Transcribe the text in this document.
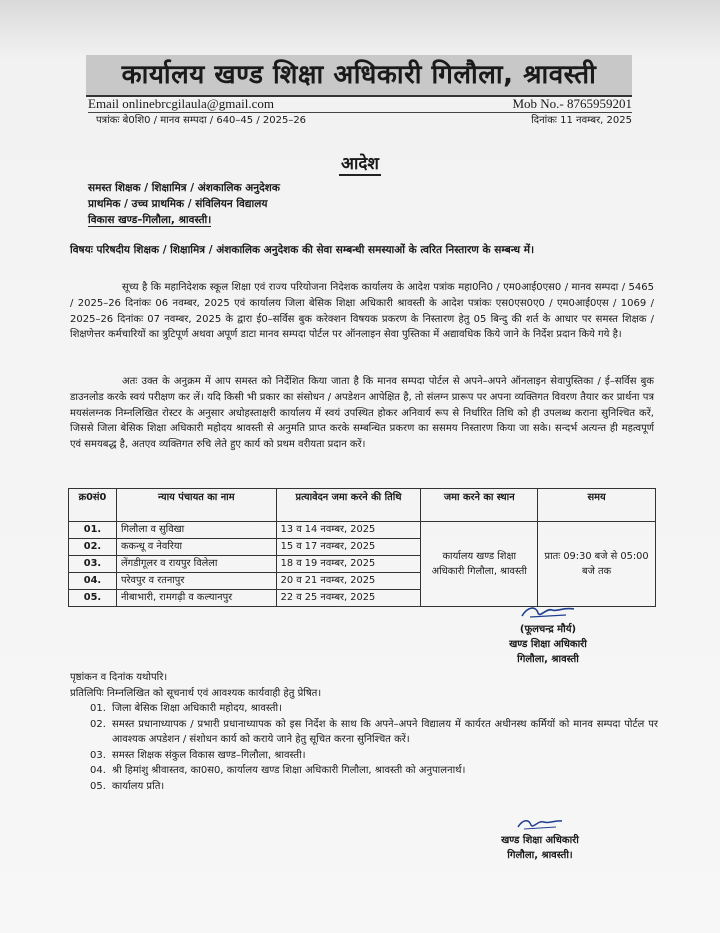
कार्यालय खण्ड शिक्षा अधिकारी गिलौला, श्रावस्ती
Email onlinebrcgilaula@gmail.com	Mob No.- 8765959201
पत्रांकः बे0शि0 / मानव सम्पदा / 640–45 / 2025–26	दिनांकः 11 नवम्बर, 2025
आदेश
समस्त शिक्षक / शिक्षामित्र / अंशकालिक अनुदेशक
प्राथमिक / उच्च प्राथमिक / संविलियन विद्यालय
विकास खण्ड–गिलौला, श्रावस्ती।
विषयः परिषदीय शिक्षक / शिक्षामित्र / अंशकालिक अनुदेशक की सेवा सम्बन्धी समस्याओं के त्वरित निस्तारण के सम्बन्ध में।
सूच्य है कि महानिदेशक स्कूल शिक्षा एवं राज्य परियोजना निदेशक कार्यालय के आदेश पत्रांक महा0नि0 / एम0आई0एस0 / मानव सम्पदा / 5465 / 2025–26 दिनांकः 06 नवम्बर, 2025 एवं कार्यालय जिला बेसिक शिक्षा अधिकारी श्रावस्ती के आदेश पत्रांकः एस0एस0ए0 / एम0आई0एस / 1069 / 2025–26 दिनांकः 07 नवम्बर, 2025 के द्वारा ई0–सर्विस बुक करेक्शन विषयक प्रकरण के निस्तारण हेतु 05 बिन्दु की शर्त के आधार पर समस्त शिक्षक / शिक्षणेत्तर कर्मचारियों का त्रुटिपूर्ण अथवा अपूर्ण डाटा मानव सम्पदा पोर्टल पर ऑनलाइन सेवा पुस्तिका में अद्यावधिक किये जाने के निर्देश प्रदान किये गये है।
अतः उक्त के अनुक्रम में आप समस्त को निर्देशित किया जाता है कि मानव सम्पदा पोर्टल से अपने–अपने ऑनलाइन सेवापुस्तिका / ई–सर्विस बुक डाउनलोड करके स्वयं परीक्षण कर लें। यदि किसी भी प्रकार का संसोधन / अपडेशन आपेक्षित है, तो संलग्न प्रारूप पर अपना व्यक्तिगत विवरण तैयार कर प्रार्थना पत्र मयसंलग्नक निम्नलिखित रोस्टर के अनुसार अधोहस्ताक्षरी कार्यालय में स्वयं उपस्थित होकर अनिवार्य रूप से निर्धारित तिथि को ही उपलब्ध कराना सुनिश्चित करें, जिससे जिला बेसिक शिक्षा अधिकारी महोदय श्रावस्ती से अनुमति प्राप्त करके सम्बन्धित प्रकरण का ससमय निस्तारण किया जा सके। सन्दर्भ अत्यन्त ही महत्वपूर्ण एवं समयबद्ध है, अतएव व्यक्तिगत रुचि लेते हुए कार्य को प्रथम वरीयता प्रदान करें।
क्र0सं0	न्याय पंचायत का नाम	प्रत्यावेदन जमा करने की तिथि	जमा करने का स्थान	समय
01.	गिलौला व सुविखा	13 व 14 नवम्बर, 2025	कार्यालय खण्ड शिक्षा अधिकारी गिलौला, श्रावस्ती	प्रातः 09:30 बजे से 05:00 बजे तक
02.	ककन्धू व नेवरिया	15 व 17 नवम्बर, 2025		
03.	लेंगडीगूलर व रायपुर विलेला	18 व 19 नवम्बर, 2025		
04.	परेवपुर व रतनापुर	20 व 21 नवम्बर, 2025		
05.	नीबाभारी, रामगढ़ी व कल्यानपुर	22 व 25 नवम्बर, 2025		
(फूलचन्द्र मौर्य)
खण्ड शिक्षा अधिकारी
गिलौला, श्रावस्ती
पृष्ठांकन व दिनांक यथोपरि।
प्रतिलिपिः निम्नलिखित को सूचनार्थ एवं आवश्यक कार्यवाही हेतु प्रेषित।
01. जिला बेसिक शिक्षा अधिकारी महोदय, श्रावस्ती।
02. समस्त प्रधानाध्यापक / प्रभारी प्रधानाध्यापक को इस निर्देश के साथ कि अपने–अपने विद्यालय में कार्यरत अधीनस्थ कर्मियों को मानव सम्पदा पोर्टल पर आवश्यक अपडेशन / संशोधन कार्य को कराये जाने हेतु सूचित करना सुनिश्चित करें।
03. समस्त शिक्षक संकुल विकास खण्ड–गिलौला, श्रावस्ती।
04. श्री हिमांशु श्रीवास्तव, का0स0, कार्यालय खण्ड शिक्षा अधिकारी गिलौला, श्रावस्ती को अनुपालनार्थ।
05. कार्यालय प्रति।
खण्ड शिक्षा अधिकारी
गिलौला, श्रावस्ती।
